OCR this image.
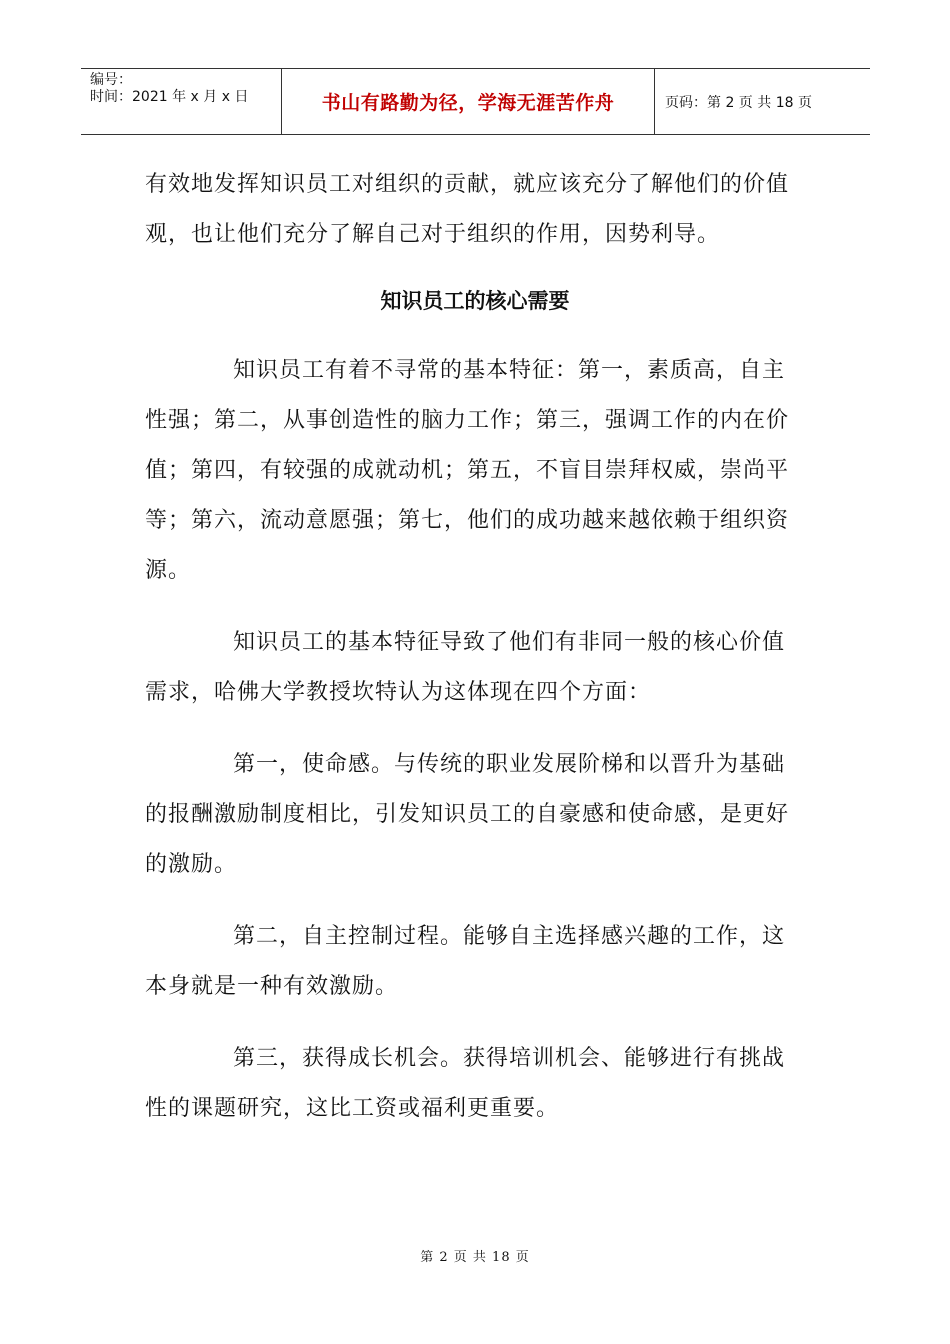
编号：
时间：2021 年 x 月 x 日	书山有路勤为径，学海无涯苦作舟	页码：第 2 页 共 18 页

有效地发挥知识员工对组织的贡献，就应该充分了解他们的价值观，也让他们充分了解自己对于组织的作用，因势利导。

知识员工的核心需要

知识员工有着不寻常的基本特征：第一，素质高，自主性强；第二，从事创造性的脑力工作；第三，强调工作的内在价值；第四，有较强的成就动机；第五，不盲目崇拜权威，崇尚平等；第六，流动意愿强；第七，他们的成功越来越依赖于组织资源。

知识员工的基本特征导致了他们有非同一般的核心价值需求，哈佛大学教授坎特认为这体现在四个方面：

第一，使命感。与传统的职业发展阶梯和以晋升为基础的报酬激励制度相比，引发知识员工的自豪感和使命感，是更好的激励。

第二，自主控制过程。能够自主选择感兴趣的工作，这本身就是一种有效激励。

第三，获得成长机会。获得培训机会、能够进行有挑战性的课题研究，这比工资或福利更重要。

第 2 页 共 18 页
